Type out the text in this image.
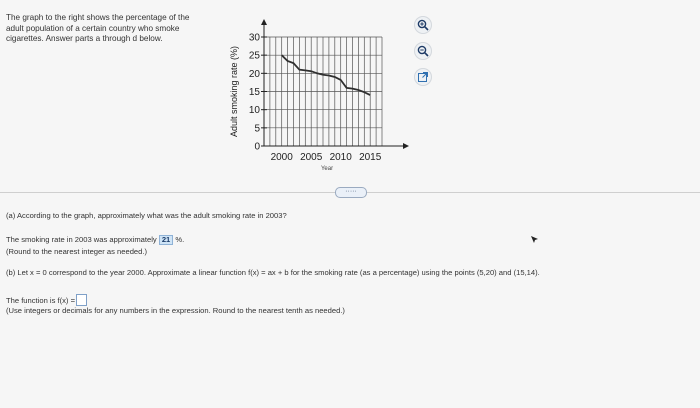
The graph to the right shows the percentage of the
adult population of a certain country who smoke
cigarettes. Answer parts a through d below.	30
25
20
15
10
5
0
2000 2005 2010 2015
Adult smoking rate (%)
Year
·····
(a) According to the graph, approximately what was the adult smoking rate in 2003?
The smoking rate in 2003 was approximately 21 %.
(Round to the nearest integer as needed.)
(b) Let x = 0 correspond to the year 2000. Approximate a linear function f(x) = ax + b for the smoking rate (as a percentage) using the points (5,20) and (15,14).
The function is f(x) =
(Use integers or decimals for any numbers in the expression. Round to the nearest tenth as needed.)
